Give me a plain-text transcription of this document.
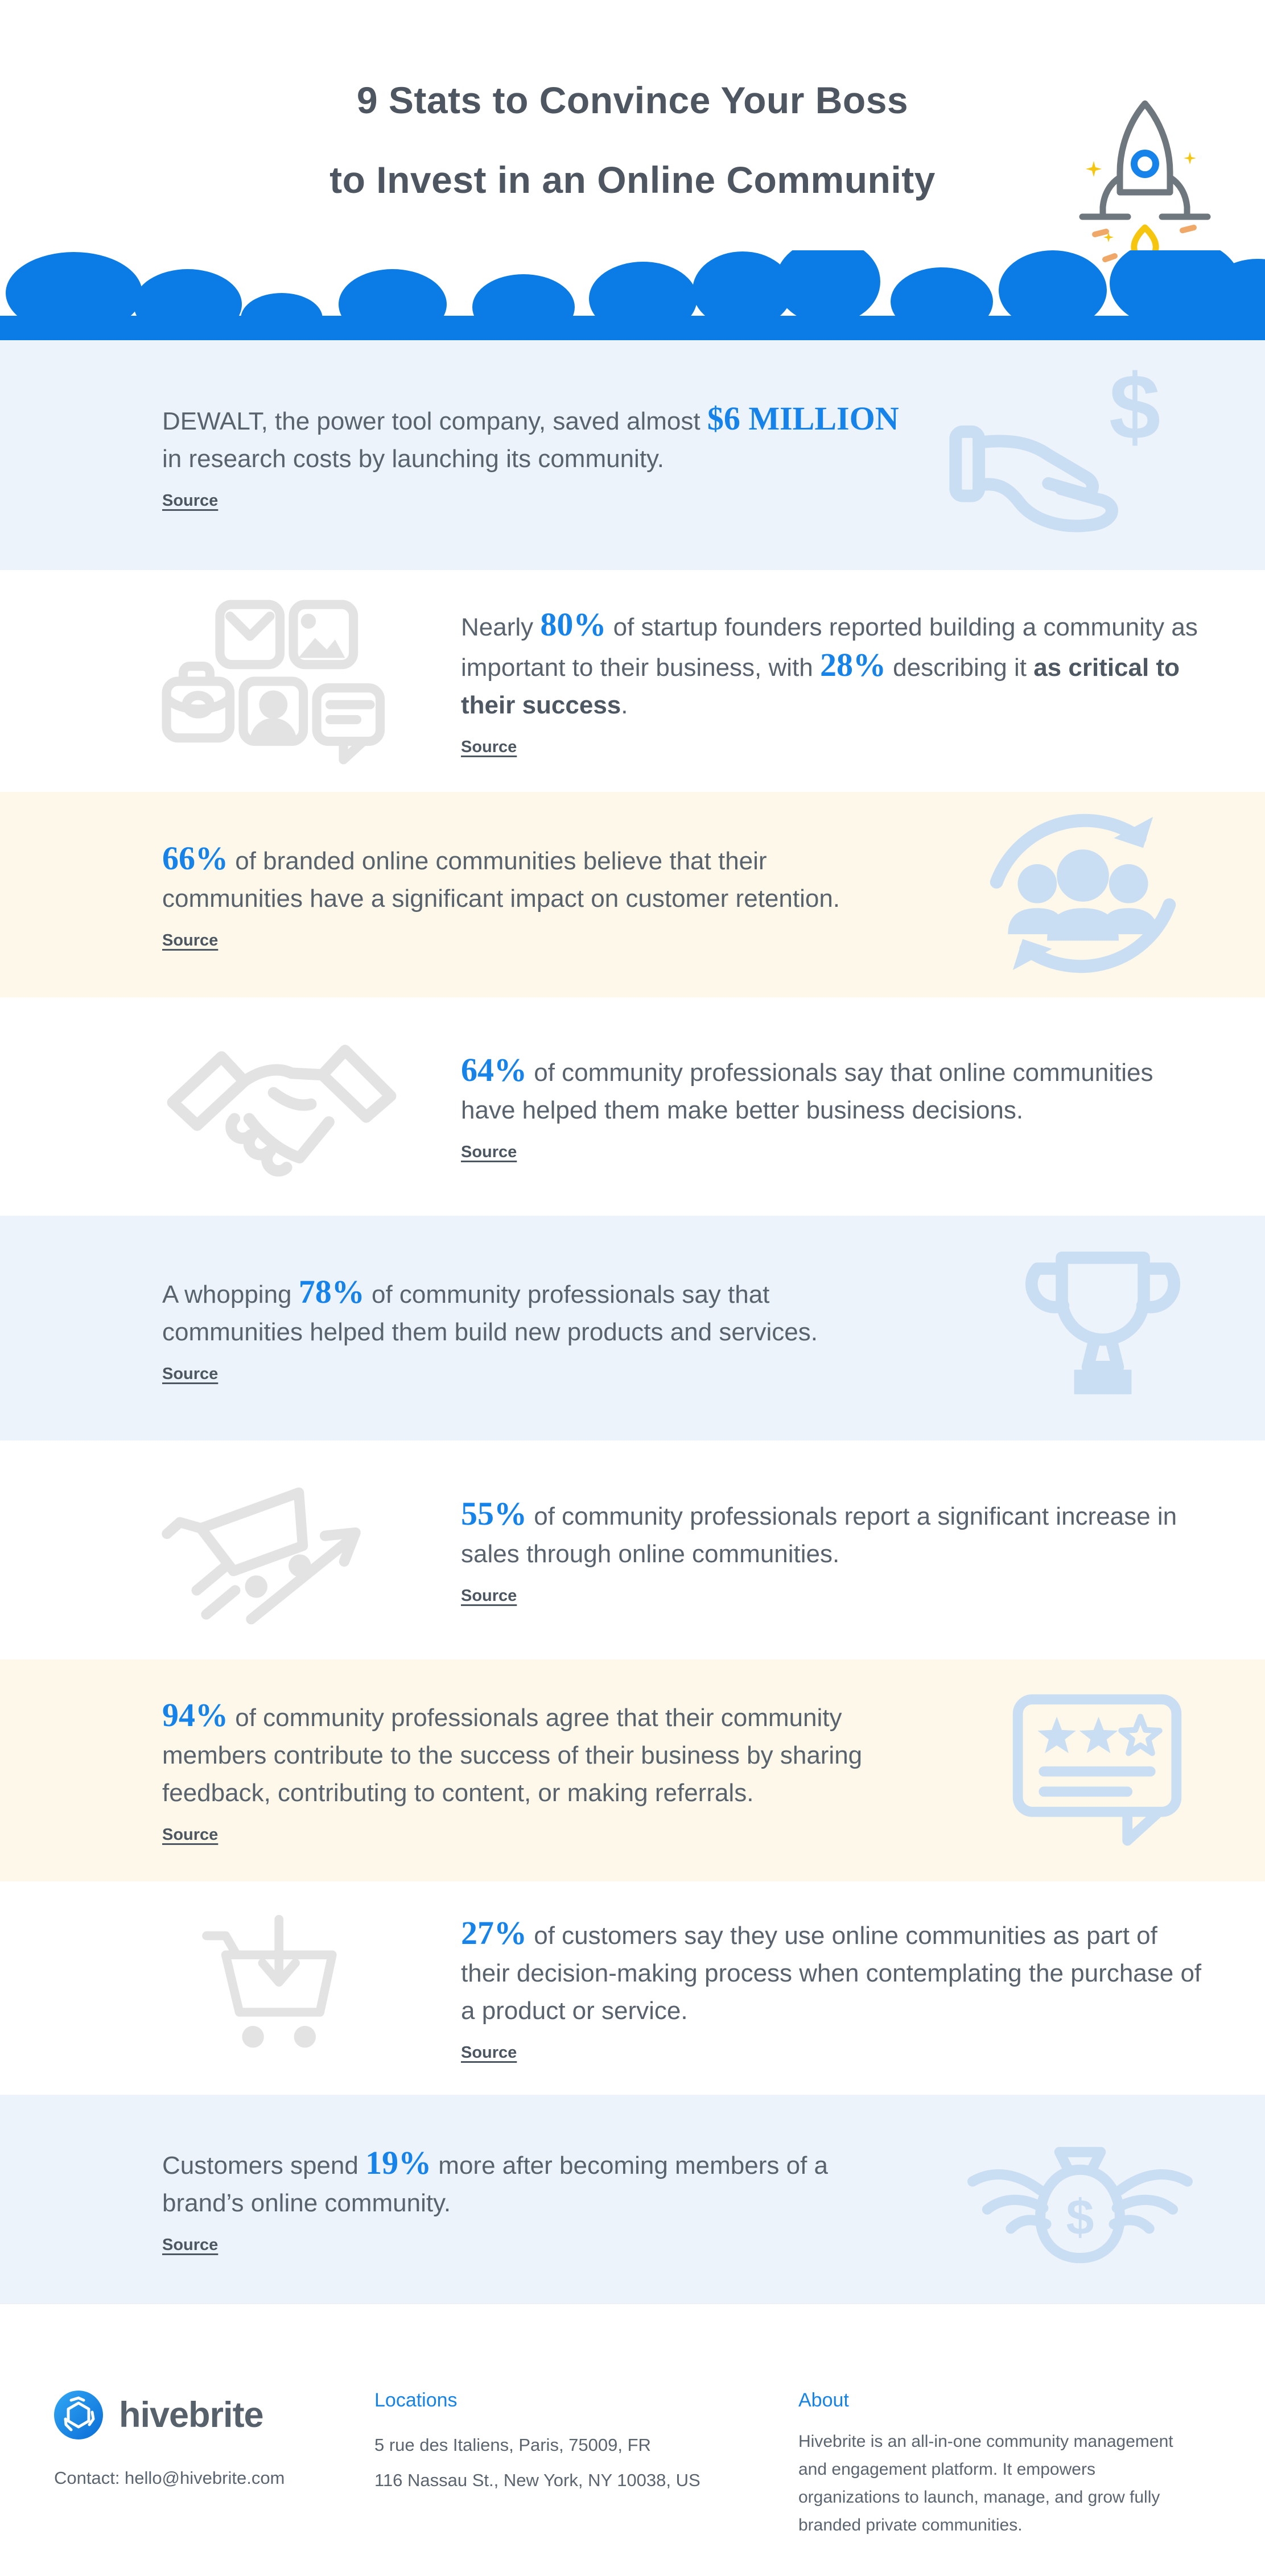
9 Stats to Convince Your Boss
to Invest in an Online Community

DEWALT, the power tool company, saved almost $6 MILLION in research costs by launching its community.

Source
$

Nearly 80% of startup founders reported building a community as important to their business, with 28% describing it as critical to their success.

Source

66% of branded online communities believe that their communities have a significant impact on customer retention.

Source

64% of community professionals say that online communities have helped them make better business decisions.

Source

A whopping 78% of community professionals say that communities helped them build new products and services.

Source

55% of community professionals report a significant increase in sales through online communities.

Source

94% of community professionals agree that their community members contribute to the success of their business by sharing feedback, contributing to content, or making referrals.

Source

27% of customers say they use online communities as part of their decision-making process when contemplating the purchase of a product or service.

Source

Customers spend 19% more after becoming members of a brand’s online community.

Source	$
hivebrite
Contact: hello@hivebrite.com

Locations

5 rue des Italiens, Paris, 75009, FR

116 Nassau St., New York, NY 10038, US

About

Hivebrite is an all-in-one community management and engagement platform. It empowers organizations to launch, manage, and grow fully branded private communities.
